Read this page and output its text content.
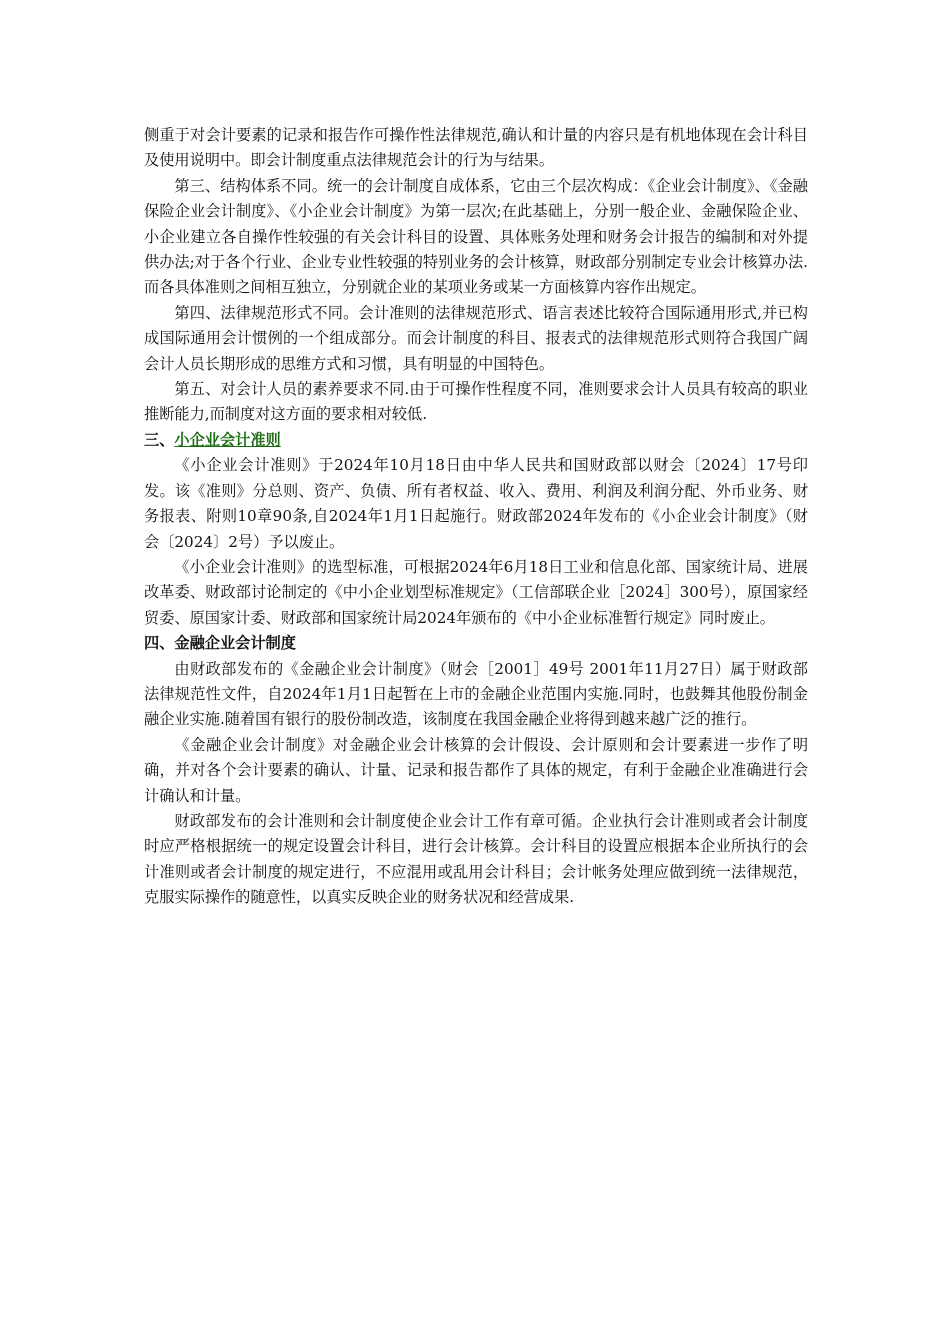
侧重于对会计要素的记录和报告作可操作性法律规范,确认和计量的内容只是有机地体现在会计科目及使用说明中。即会计制度重点法律规范会计的行为与结果。

第三、结构体系不同。统一的会计制度自成体系，它由三个层次构成：《企业会计制度》、《金融保险企业会计制度》、《小企业会计制度》为第一层次;在此基础上，分别一般企业、金融保险企业、小企业建立各自操作性较强的有关会计科目的设置、具体账务处理和财务会计报告的编制和对外提供办法;对于各个行业、企业专业性较强的特别业务的会计核算，财政部分别制定专业会计核算办法.而各具体准则之间相互独立，分别就企业的某项业务或某一方面核算内容作出规定。

第四、法律规范形式不同。会计准则的法律规范形式、语言表述比较符合国际通用形式,并已构成国际通用会计惯例的一个组成部分。而会计制度的科目、报表式的法律规范形式则符合我国广阔会计人员长期形成的思维方式和习惯，具有明显的中国特色。

第五、对会计人员的素养要求不同.由于可操作性程度不同，准则要求会计人员具有较高的职业推断能力,而制度对这方面的要求相对较低.

三、小企业会计准则

《小企业会计准则》于2024年10月18日由中华人民共和国财政部以财会〔2024〕17号印发。该《准则》分总则、资产、负债、所有者权益、收入、费用、利润及利润分配、外币业务、财务报表、附则10章90条,自2024年1月1日起施行。财政部2024年发布的《小企业会计制度》（财会〔2024〕2号）予以废止。

《小企业会计准则》的选型标准，可根据2024年6月18日工业和信息化部、国家统计局、进展改革委、财政部讨论制定的《中小企业划型标准规定》（工信部联企业［2024］300号），原国家经贸委、原国家计委、财政部和国家统计局2024年颁布的《中小企业标准暂行规定》同时废止。

四、金融企业会计制度

由财政部发布的《金融企业会计制度》（财会［2001］49号 2001年11月27日）属于财政部法律规范性文件，自2024年1月1日起暂在上市的金融企业范围内实施.同时，也鼓舞其他股份制金融企业实施.随着国有银行的股份制改造，该制度在我国金融企业将得到越来越广泛的推行。

《金融企业会计制度》对金融企业会计核算的会计假设、会计原则和会计要素进一步作了明确，并对各个会计要素的确认、计量、记录和报告都作了具体的规定，有利于金融企业准确进行会计确认和计量。

财政部发布的会计准则和会计制度使企业会计工作有章可循。企业执行会计准则或者会计制度时应严格根据统一的规定设置会计科目，进行会计核算。会计科目的设置应根据本企业所执行的会计准则或者会计制度的规定进行，不应混用或乱用会计科目；会计帐务处理应做到统一法律规范，克服实际操作的随意性，以真实反映企业的财务状况和经营成果.
